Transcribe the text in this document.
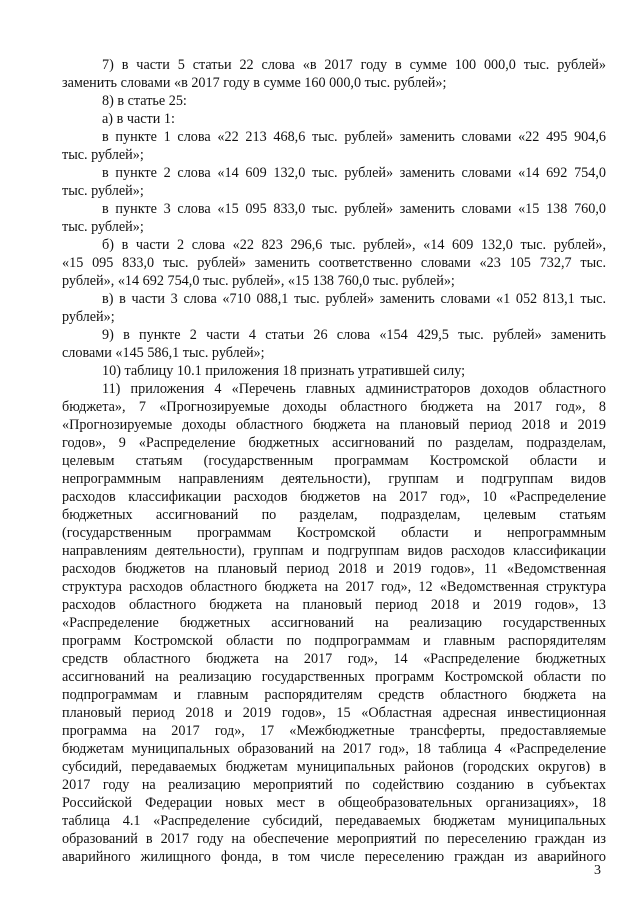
7) в части 5 статьи 22 слова «в 2017 году в сумме 100 000,0 тыс. рублей»
заменить словами «в 2017 году в сумме 160 000,0 тыс. рублей»;
8) в статье 25:
а) в части 1:
в пункте 1 слова «22 213 468,6 тыс. рублей» заменить словами «22 495 904,6
тыс. рублей»;
в пункте 2 слова «14 609 132,0 тыс. рублей» заменить словами «14 692 754,0
тыс. рублей»;
в пункте 3 слова «15 095 833,0 тыс. рублей» заменить словами «15 138 760,0
тыс. рублей»;
б) в части 2 слова «22 823 296,6 тыс. рублей», «14 609 132,0 тыс. рублей»,
«15 095 833,0 тыс. рублей» заменить соответственно словами «23 105 732,7 тыс.
рублей», «14 692 754,0 тыс. рублей», «15 138 760,0 тыс. рублей»;
в) в части 3 слова «710 088,1 тыс. рублей» заменить словами «1 052 813,1 тыс.
рублей»;
9) в пункте 2 части 4 статьи 26 слова «154 429,5 тыс. рублей» заменить
словами «145 586,1 тыс. рублей»;
10) таблицу 10.1 приложения 18 признать утратившей силу;
11) приложения 4 «Перечень главных администраторов доходов областного
бюджета», 7 «Прогнозируемые доходы областного бюджета на 2017 год», 8
«Прогнозируемые доходы областного бюджета на плановый период 2018 и 2019
годов», 9 «Распределение бюджетных ассигнований по разделам, подразделам,
целевым статьям (государственным программам Костромской области и
непрограммным направлениям деятельности), группам и подгруппам видов
расходов классификации расходов бюджетов на 2017 год», 10 «Распределение
бюджетных ассигнований по разделам, подразделам, целевым статьям
(государственным программам Костромской области и непрограммным
направлениям деятельности), группам и подгруппам видов расходов классификации
расходов бюджетов на плановый период 2018 и 2019 годов», 11 «Ведомственная
структура расходов областного бюджета на 2017 год», 12 «Ведомственная структура
расходов областного бюджета на плановый период 2018 и 2019 годов», 13
«Распределение бюджетных ассигнований на реализацию государственных
программ Костромской области по подпрограммам и главным распорядителям
средств областного бюджета на 2017 год», 14 «Распределение бюджетных
ассигнований на реализацию государственных программ Костромской области по
подпрограммам и главным распорядителям средств областного бюджета на
плановый период 2018 и 2019 годов», 15 «Областная адресная инвестиционная
программа на 2017 год», 17 «Межбюджетные трансферты, предоставляемые
бюджетам муниципальных образований на 2017 год», 18 таблица 4 «Распределение
субсидий, передаваемых бюджетам муниципальных районов (городских округов) в
2017 году на реализацию мероприятий по содействию созданию в субъектах
Российской Федерации новых мест в общеобразовательных организациях», 18
таблица 4.1 «Распределение субсидий, передаваемых бюджетам муниципальных
образований в 2017 году на обеспечение мероприятий по переселению граждан из
аварийного жилищного фонда, в том числе переселению граждан из аварийного
3
